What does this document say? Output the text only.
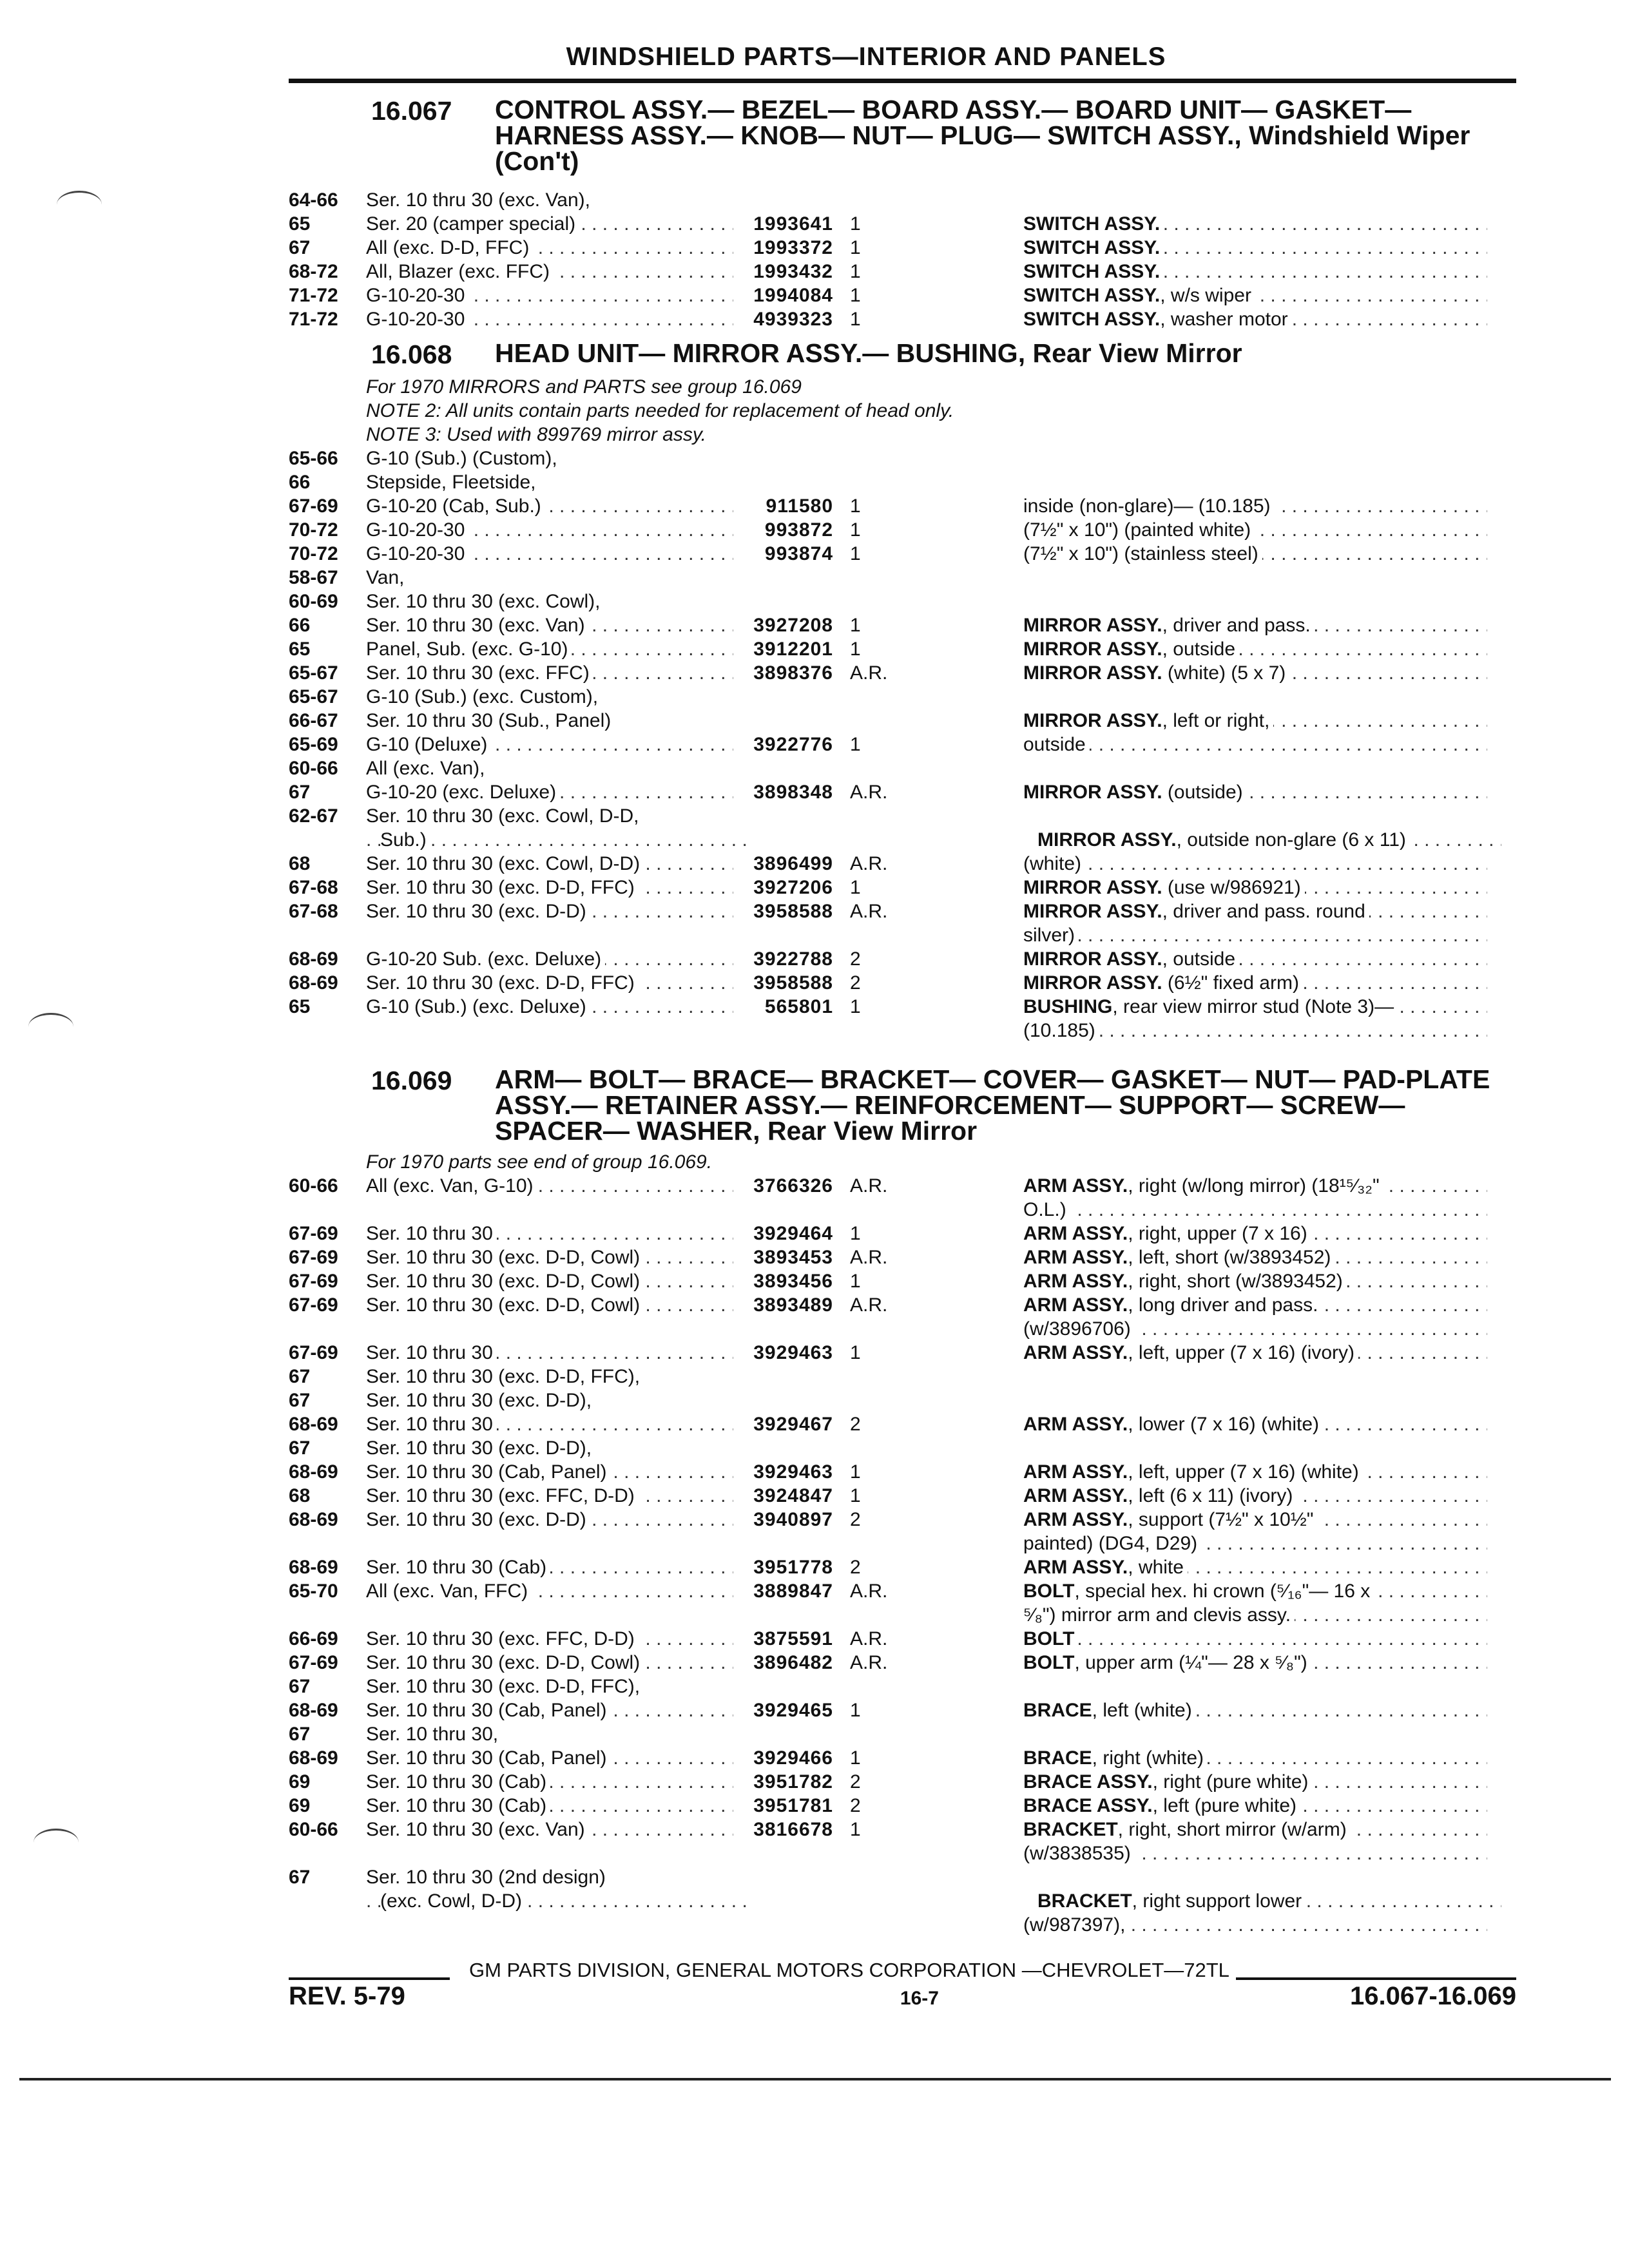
WINDSHIELD PARTS—INTERIOR AND PANELS
16.067	CONTROL ASSY.— BEZEL— BOARD ASSY.— BOARD UNIT— GASKET— HARNESS ASSY.— KNOB— NUT— PLUG— SWITCH ASSY., Windshield Wiper (Con't)
64-66	Ser. 10 thru 30 (exc. Van),
65	Ser. 20 (camper special) . . .	1993641 1	SWITCH ASSY. . . .
67	All (exc. D-D, FFC) . . .	1993372 1	SWITCH ASSY. . . .
68-72	All, Blazer (exc. FFC) . . .	1993432 1	SWITCH ASSY. . . .
71-72	G-10-20-30 . . .	1994084 1	SWITCH ASSY., w/s wiper . . .
71-72	G-10-20-30 . . .	4939323 1	SWITCH ASSY., washer motor . . .
16.068	HEAD UNIT— MIRROR ASSY.— BUSHING, Rear View Mirror
For 1970 MIRRORS and PARTS see group 16.069
NOTE 2: All units contain parts needed for replacement of head only.
NOTE 3: Used with 899769 mirror assy.
65-66	G-10 (Sub.) (Custom),
66	Stepside, Fleetside,
67-69	G-10-20 (Cab, Sub.) . . .	911580 1	inside (non-glare)— (10.185) . . .
70-72	G-10-20-30 . . .	993872 1	(7½" x 10") (painted white) . . .
70-72	G-10-20-30 . . .	993874 1	(7½" x 10") (stainless steel) . . .
58-67	Van,
60-69	Ser. 10 thru 30 (exc. Cowl),
66	Ser. 10 thru 30 (exc. Van) . . .	3927208 1	MIRROR ASSY., driver and pass. . . .
65	Panel, Sub. (exc. G-10) . . .	3912201 1	MIRROR ASSY., outside . . .
65-67	Ser. 10 thru 30 (exc. FFC) . . .	3898376 A.R.	MIRROR ASSY. (white) (5 x 7) . . .
65-67	G-10 (Sub.) (exc. Custom),
66-67	Ser. 10 thru 30 (Sub., Panel)	MIRROR ASSY., left or right, . . .
65-69	G-10 (Deluxe) . . .	3922776 1	outside . . .
60-66	All (exc. Van),
67	G-10-20 (exc. Deluxe) . . .	3898348 A.R.	MIRROR ASSY. (outside) . . .
62-67	Ser. 10 thru 30 (exc. Cowl, D-D,
Sub.) . . .	MIRROR ASSY., outside non-glare (6 x 11) . . .
68	Ser. 10 thru 30 (exc. Cowl, D-D) . . .	3896499 A.R.	(white) . . .
67-68	Ser. 10 thru 30 (exc. D-D, FFC) . . .	3927206 1	MIRROR ASSY. (use w/986921) . . .
67-68	Ser. 10 thru 30 (exc. D-D) . . .	3958588 A.R.	MIRROR ASSY., driver and pass. round . . .
silver) . . .
68-69	G-10-20 Sub. (exc. Deluxe) . . .	3922788 2	MIRROR ASSY., outside . . .
68-69	Ser. 10 thru 30 (exc. D-D, FFC) . . .	3958588 2	MIRROR ASSY. (6½" fixed arm) . . .
65	G-10 (Sub.) (exc. Deluxe) . . .	565801 1	BUSHING, rear view mirror stud (Note 3)— . . .
(10.185) . . .
16.069	ARM— BOLT— BRACE— BRACKET— COVER— GASKET— NUT— PAD-PLATE ASSY.— RETAINER ASSY.— REINFORCEMENT— SUPPORT— SCREW— SPACER— WASHER, Rear View Mirror
For 1970 parts see end of group 16.069.
60-66	All (exc. Van, G-10) . . .	3766326 A.R.	ARM ASSY., right (w/long mirror) (18¹⁵⁄₃₂" . . .
O.L.) . . .
67-69	Ser. 10 thru 30 . . .	3929464 1	ARM ASSY., right, upper (7 x 16) . . .
67-69	Ser. 10 thru 30 (exc. D-D, Cowl) . . .	3893453 A.R.	ARM ASSY., left, short (w/3893452) . . .
67-69	Ser. 10 thru 30 (exc. D-D, Cowl) . . .	3893456 1	ARM ASSY., right, short (w/3893452) . . .
67-69	Ser. 10 thru 30 (exc. D-D, Cowl) . . .	3893489 A.R.	ARM ASSY., long driver and pass. . . .
(w/3896706) . . .
67-69	Ser. 10 thru 30 . . .	3929463 1	ARM ASSY., left, upper (7 x 16) (ivory) . . .
67	Ser. 10 thru 30 (exc. D-D, FFC),
67	Ser. 10 thru 30 (exc. D-D),
68-69	Ser. 10 thru 30 . . .	3929467 2	ARM ASSY., lower (7 x 16) (white) . . .
67	Ser. 10 thru 30 (exc. D-D),
68-69	Ser. 10 thru 30 (Cab, Panel) . . .	3929463 1	ARM ASSY., left, upper (7 x 16) (white) . . .
68	Ser. 10 thru 30 (exc. FFC, D-D) . . .	3924847 1	ARM ASSY., left (6 x 11) (ivory) . . .
68-69	Ser. 10 thru 30 (exc. D-D) . . .	3940897 2	ARM ASSY., support (7½" x 10½" . . .
painted) (DG4, D29) . . .
68-69	Ser. 10 thru 30 (Cab) . . .	3951778 2	ARM ASSY., white . . .
65-70	All (exc. Van, FFC) . . .	3889847 A.R.	BOLT, special hex. hi crown (⁵⁄₁₆"— 16 x . . .
⁵⁄₈") mirror arm and clevis assy. . . .
66-69	Ser. 10 thru 30 (exc. FFC, D-D) . . .	3875591 A.R.	BOLT . . .
67-69	Ser. 10 thru 30 (exc. D-D, Cowl) . . .	3896482 A.R.	BOLT, upper arm (¼"— 28 x ⁵⁄₈") . . .
67	Ser. 10 thru 30 (exc. D-D, FFC),
68-69	Ser. 10 thru 30 (Cab, Panel) . . .	3929465 1	BRACE, left (white) . . .
67	Ser. 10 thru 30,
68-69	Ser. 10 thru 30 (Cab, Panel) . . .	3929466 1	BRACE, right (white) . . .
69	Ser. 10 thru 30 (Cab) . . .	3951782 2	BRACE ASSY., right (pure white) . . .
69	Ser. 10 thru 30 (Cab) . . .	3951781 2	BRACE ASSY., left (pure white) . . .
60-66	Ser. 10 thru 30 (exc. Van) . . .	3816678 1	BRACKET, right, short mirror (w/arm) . . .
(w/3838535) . . .
67	Ser. 10 thru 30 (2nd design)
(exc. Cowl, D-D) . . .	BRACKET, right support lower . . .
(w/987397), . . .
GM PARTS DIVISION, GENERAL MOTORS CORPORATION —CHEVROLET—72TL
REV. 5-79	16-7	16.067-16.069
